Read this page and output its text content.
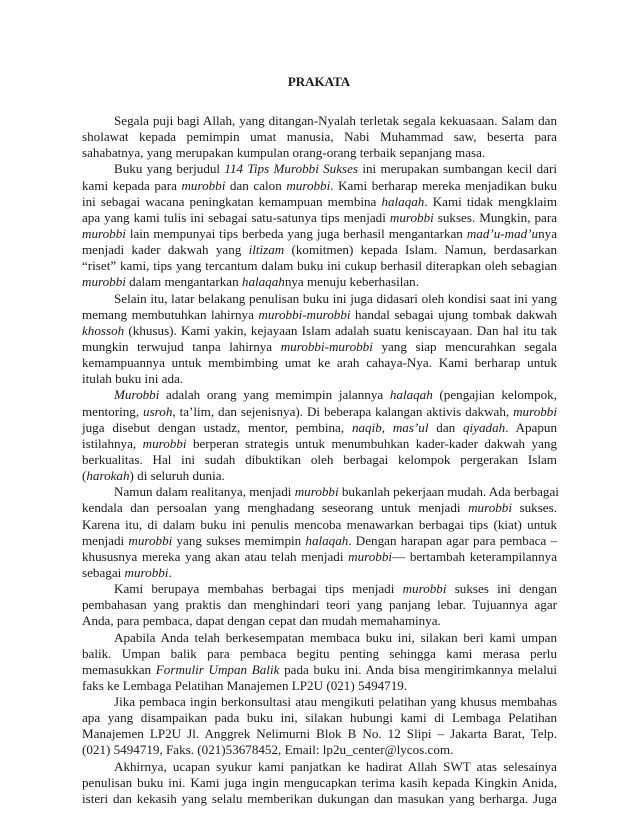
PRAKATA
Segala puji bagi Allah, yang ditangan-Nyalah terletak segala kekuasaan. Salam dan
sholawat kepada pemimpin umat manusia, Nabi Muhammad saw, beserta para
sahabatnya, yang merupakan kumpulan orang-orang terbaik sepanjang masa.
Buku yang berjudul 114 Tips Murobbi Sukses ini merupakan sumbangan kecil dari
kami kepada para murobbi dan calon murobbi. Kami berharap mereka menjadikan buku
ini sebagai wacana peningkatan kemampuan membina halaqah. Kami tidak mengklaim
apa yang kami tulis ini sebagai satu-satunya tips menjadi murobbi sukses. Mungkin, para
murobbi lain mempunyai tips berbeda yang juga berhasil mengantarkan mad’u-mad’unya
menjadi kader dakwah yang iltizam (komitmen) kepada Islam. Namun, berdasarkan
“riset” kami, tips yang tercantum dalam buku ini cukup berhasil diterapkan oleh sebagian
murobbi dalam mengantarkan halaqahnya menuju keberhasilan.
Selain itu, latar belakang penulisan buku ini juga didasari oleh kondisi saat ini yang
memang membutuhkan lahirnya murobbi-murobbi handal sebagai ujung tombak dakwah
khossoh (khusus). Kami yakin, kejayaan Islam adalah suatu keniscayaan. Dan hal itu tak
mungkin terwujud tanpa lahirnya murobbi-murobbi yang siap mencurahkan segala
kemampuannya untuk membimbing umat ke arah cahaya-Nya. Kami berharap untuk
itulah buku ini ada.
Murobbi adalah orang yang memimpin jalannya halaqah (pengajian kelompok,
mentoring, usroh, ta’lim, dan sejenisnya). Di beberapa kalangan aktivis dakwah, murobbi
juga disebut dengan ustadz, mentor, pembina, naqib, mas’ul dan qiyadah. Apapun
istilahnya, murobbi berperan strategis untuk menumbuhkan kader-kader dakwah yang
berkualitas. Hal ini sudah dibuktikan oleh berbagai kelompok pergerakan Islam
(harokah) di seluruh dunia.
Namun dalam realitanya, menjadi murobbi bukanlah pekerjaan mudah. Ada berbagai
kendala dan persoalan yang menghadang seseorang untuk menjadi murobbi sukses.
Karena itu, di dalam buku ini penulis mencoba menawarkan berbagai tips (kiat) untuk
menjadi murobbi yang sukses memimpin halaqah. Dengan harapan agar para pembaca –
khususnya mereka yang akan atau telah menjadi murobbi— bertambah keterampilannya
sebagai murobbi.
Kami berupaya membahas berbagai tips menjadi murobbi sukses ini dengan
pembahasan yang praktis dan menghindari teori yang panjang lebar. Tujuannya agar
Anda, para pembaca, dapat dengan cepat dan mudah memahaminya.
Apabila Anda telah berkesempatan membaca buku ini, silakan beri kami umpan
balik. Umpan balik para pembaca begitu penting sehingga kami merasa perlu
memasukkan Formulir Umpan Balik pada buku ini. Anda bisa mengirimkannya melalui
faks ke Lembaga Pelatihan Manajemen LP2U (021) 5494719.
Jika pembaca ingin berkonsultasi atau mengikuti pelatihan yang khusus membahas
apa yang disampaikan pada buku ini, silakan hubungi kami di Lembaga Pelatihan
Manajemen LP2U Jl. Anggrek Nelimurni Blok B No. 12 Slipi – Jakarta Barat, Telp.
(021) 5494719, Faks. (021)53678452, Email: lp2u_center@lycos.com.
Akhirnya, ucapan syukur kami panjatkan ke hadirat Allah SWT atas selesainya
penulisan buku ini. Kami juga ingin mengucapkan terima kasih kepada Kingkin Anida,
isteri dan kekasih yang selalu memberikan dukungan dan masukan yang berharga. Juga
